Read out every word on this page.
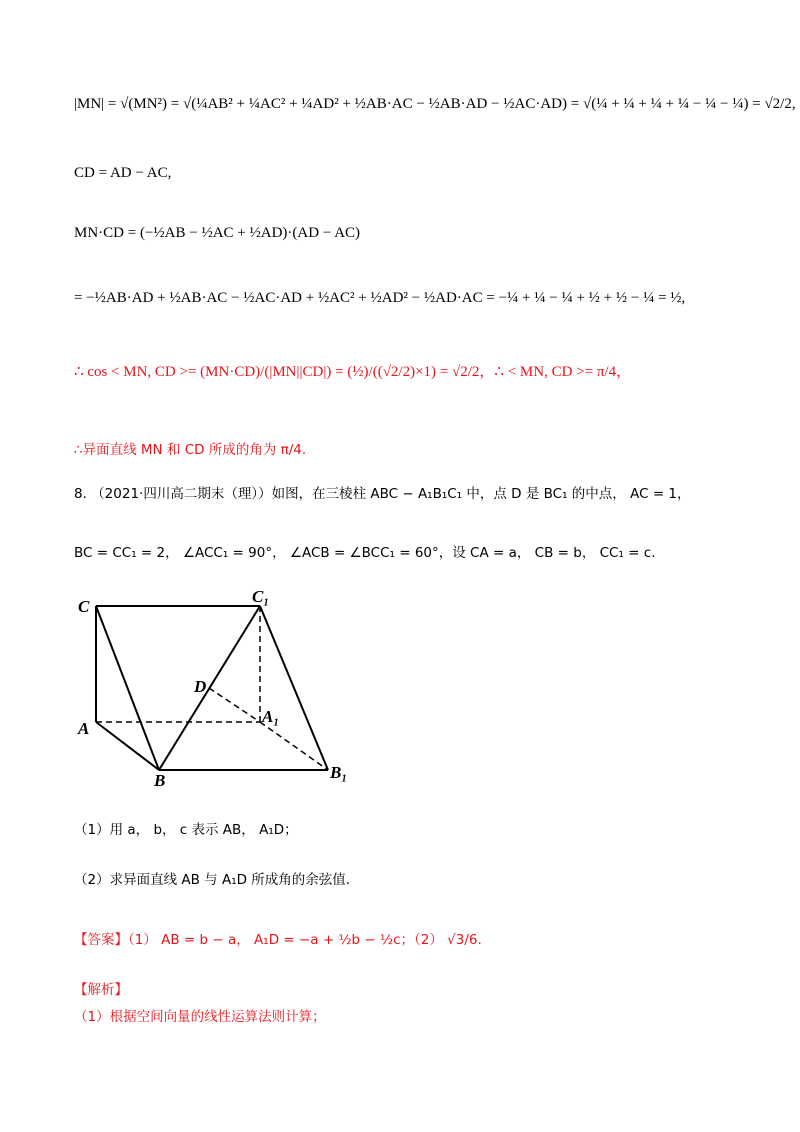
|MN| = √(MN²) = √(¼AB² + ¼AC² + ¼AD² + ½AB·AC − ½AB·AD − ½AC·AD) = √(¼ + ¼ + ¼ + ¼ − ¼ − ¼) = √2/2,
CD = AD − AC,
MN·CD = (−½AB − ½AC + ½AD)·(AD − AC)
= −½AB·AD + ½AB·AC − ½AC·AD + ½AC² + ½AD² − ½AD·AC = −¼ + ¼ − ¼ + ½ + ½ − ¼ = ½,
∴ cos < MN, CD >= (MN·CD)/(|MN||CD|) = (½)/((√2/2)×1) = √2/2，∴ < MN, CD >= π/4，
∴异面直线 MN 和 CD 所成的角为 π/4.
8. （2021·四川高二期末（理））如图，在三棱柱 ABC − A₁B₁C₁ 中，点 D 是 BC₁ 的中点， AC = 1，
BC = CC₁ = 2， ∠ACC₁ = 90°， ∠ACB = ∠BCC₁ = 60°，设 CA = a， CB = b， CC₁ = c.
C
C₁
D
A₁
A
B	B₁
（1）用 a， b， c 表示 AB， A₁D；
（2）求异面直线 AB 与 A₁D 所成角的余弦值.
【答案】（1） AB = b − a， A₁D = −a + ½b − ½c；（2） √3/6.
【解析】
（1）根据空间向量的线性运算法则计算；
